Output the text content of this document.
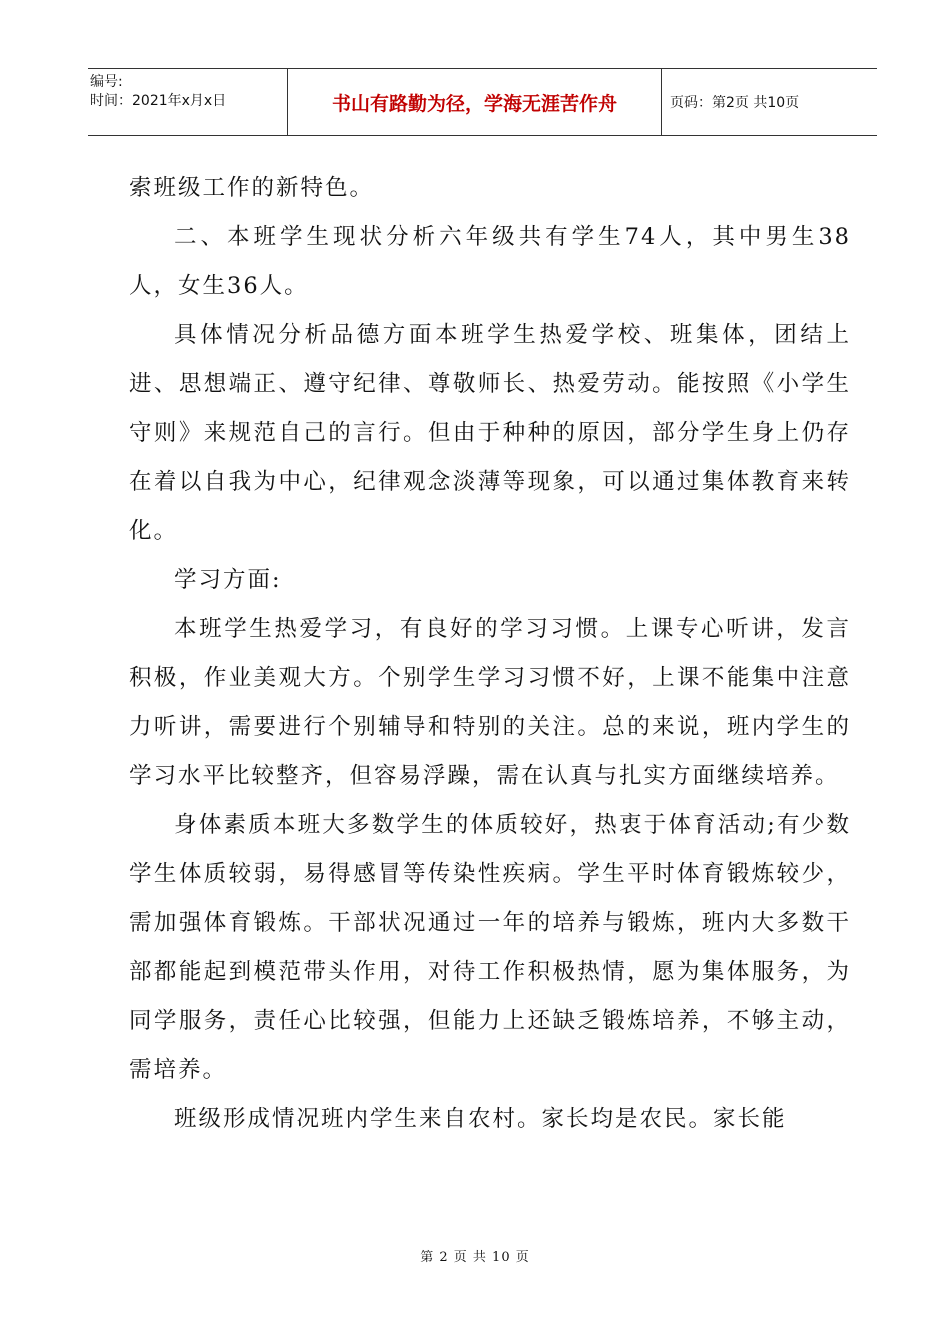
编号:
时间：2021年x月x日	书山有路勤为径，学海无涯苦作舟	页码：第2页 共10页

索班级工作的新特色。

二、本班学生现状分析六年级共有学生74人，其中男生38人，女生36人。

具体情况分析品德方面本班学生热爱学校、班集体，团结上进、思想端正、遵守纪律、尊敬师长、热爱劳动。能按照《小学生守则》来规范自己的言行。但由于种种的原因，部分学生身上仍存在着以自我为中心，纪律观念淡薄等现象，可以通过集体教育来转化。

学习方面:

本班学生热爱学习，有良好的学习习惯。上课专心听讲，发言积极，作业美观大方。个别学生学习习惯不好，上课不能集中注意力听讲，需要进行个别辅导和特别的关注。总的来说，班内学生的学习水平比较整齐，但容易浮躁，需在认真与扎实方面继续培养。

身体素质本班大多数学生的体质较好，热衷于体育活动;有少数学生体质较弱，易得感冒等传染性疾病。学生平时体育锻炼较少，需加强体育锻炼。干部状况通过一年的培养与锻炼，班内大多数干部都能起到模范带头作用，对待工作积极热情，愿为集体服务，为同学服务，责任心比较强，但能力上还缺乏锻炼培养，不够主动，需培养。

班级形成情况班内学生来自农村。家长均是农民。家长能

第 2 页 共 10 页
